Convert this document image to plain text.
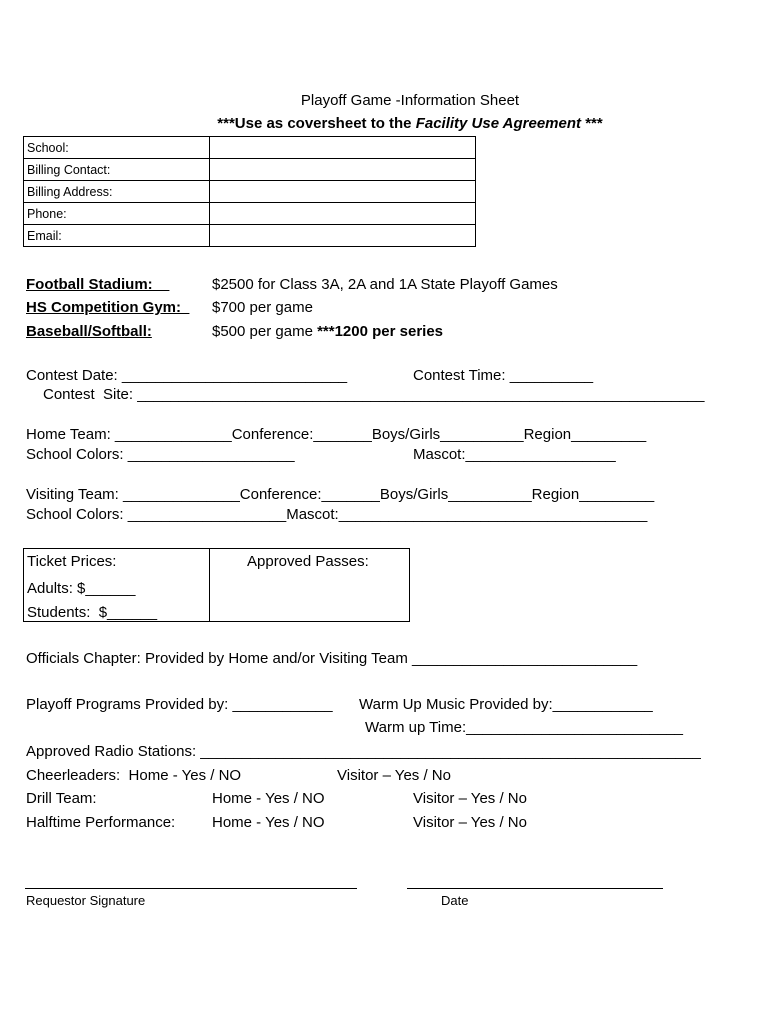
Playoff Game -Information Sheet
***Use as coversheet to the Facility Use Agreement ***
School:	
Billing Contact:	
Billing Address:	
Phone:	
Email:	
Football Stadium:__	$2500 for Class 3A, 2A and 1A State Playoff Games
HS Competition Gym:_ $700 per game
Baseball/Softball:	$500 per game ***1200 per series
Contest Date: ___________________________	Contest Time: __________
Contest  Site: ____________________________________________________________________
Home Team: ______________Conference:_______Boys/Girls__________Region_________
School Colors: ____________________	Mascot:__________________
Visiting Team: ______________Conference:_______Boys/Girls__________Region_________
School Colors: ___________________Mascot:_____________________________________
Ticket Prices:
Adults: $______
Students:  $______
Approved Passes:
Officials Chapter: Provided by Home and/or Visiting Team ___________________________
Playoff Programs Provided by: ____________ Warm Up Music Provided by:____________
Warm up Time:__________________________
Approved Radio Stations: ____________________________________________________________
Cheerleaders:  Home - Yes / NO	Visitor – Yes / No
Drill Team:	Home - Yes / NO	Visitor – Yes / No
Halftime Performance: Home - Yes / NO	Visitor – Yes / No
Requestor Signature	Date
